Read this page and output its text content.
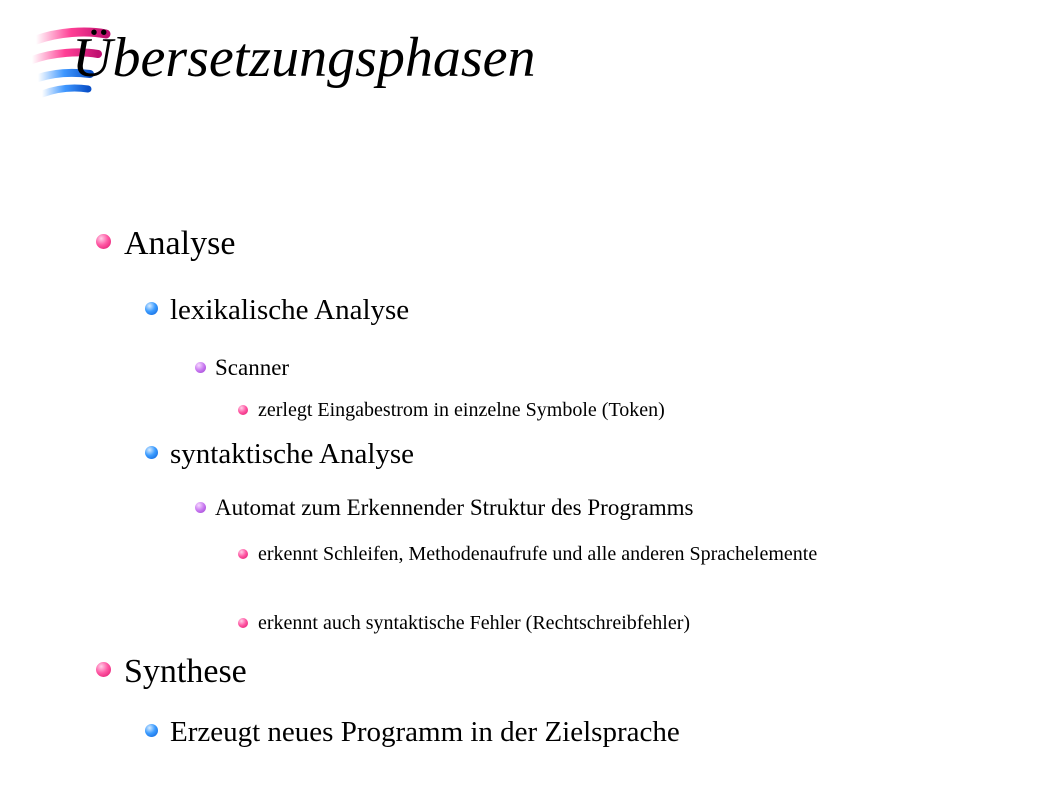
Übersetzungsphasen
Analyse
lexikalische Analyse
Scanner
zerlegt Eingabestrom in einzelne Symbole (Token)
syntaktische Analyse
Automat zum Erkennender Struktur des Programms
erkennt Schleifen, Methodenaufrufe und alle anderen Sprachelemente
erkennt auch syntaktische Fehler (Rechtschreibfehler)
Synthese
Erzeugt neues Programm in der Zielsprache
